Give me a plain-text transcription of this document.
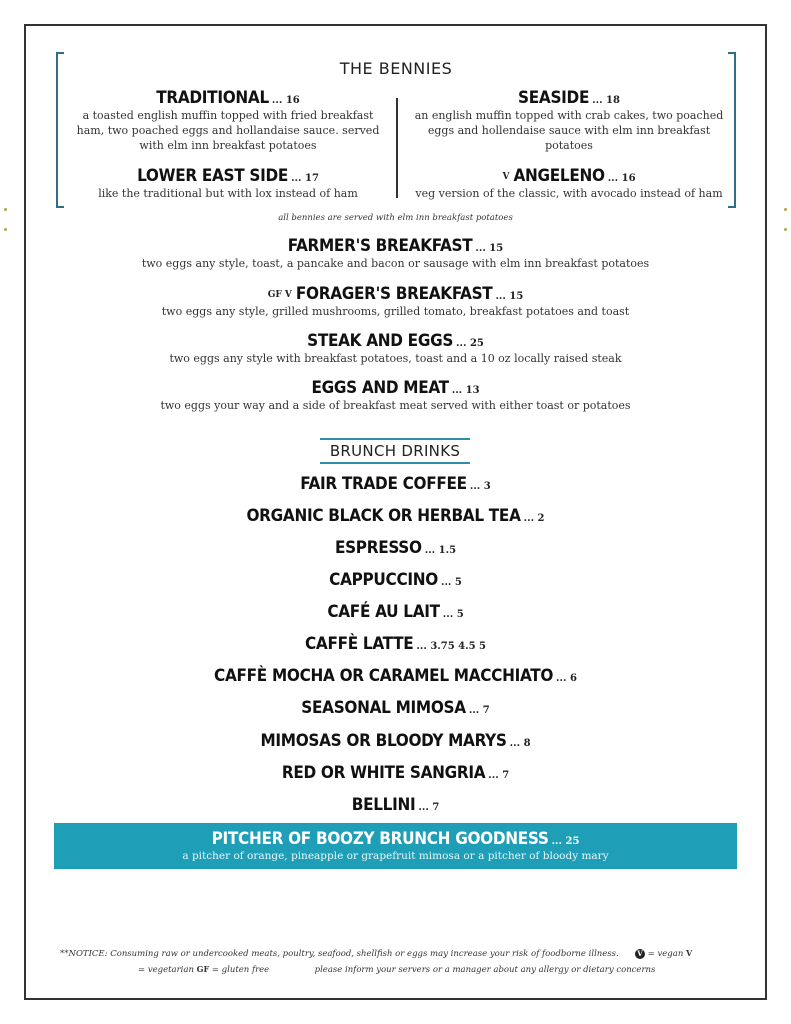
THE BENNIES
TRADITIONAL ... 16
a toasted english muffin topped with fried breakfast ham, two poached eggs and hollandaise sauce. served with elm inn breakfast potatoes
SEASIDE ... 18
an english muffin topped with crab cakes, two poached eggs and hollendaise sauce with elm inn breakfast potatoes
LOWER EAST SIDE ... 17
like the traditional but with lox instead of ham
V ANGELENO ... 16
veg version of the classic, with avocado instead of ham
all bennies are served with elm inn breakfast potatoes
FARMER'S BREAKFAST ... 15
two eggs any style, toast, a pancake and bacon or sausage with elm inn breakfast potatoes
GF V FORAGER'S BREAKFAST ... 15
two eggs any style, grilled mushrooms, grilled tomato, breakfast potatoes and toast
STEAK AND EGGS ... 25
two eggs any style with breakfast potatoes, toast and a 10 oz locally raised steak
EGGS AND MEAT ... 13
two eggs your way and a side of breakfast meat served with either toast or potatoes
BRUNCH DRINKS
FAIR TRADE COFFEE ... 3
ORGANIC BLACK OR HERBAL TEA ... 2
ESPRESSO ... 1.5
CAPPUCCINO ... 5
CAFÉ AU LAIT ... 5
CAFFÈ LATTE ... 3.75 4.5 5
CAFFÈ MOCHA OR CARAMEL MACCHIATO ... 6
SEASONAL MIMOSA ... 7
MIMOSAS OR BLOODY MARYS ... 8
RED OR WHITE SANGRIA ... 7
BELLINI ... 7
PITCHER OF BOOZY BRUNCH GOODNESS ... 25
a pitcher of orange, pineapple or grapefruit mimosa or a pitcher of bloody mary
**NOTICE: Consuming raw or undercooked meats, poultry, seafood, shellfish or eggs may increase your risk of foodborne illness.	V = vegan V
= vegetarian GF = gluten free	please inform your servers or a manager about any allergy or dietary concerns
